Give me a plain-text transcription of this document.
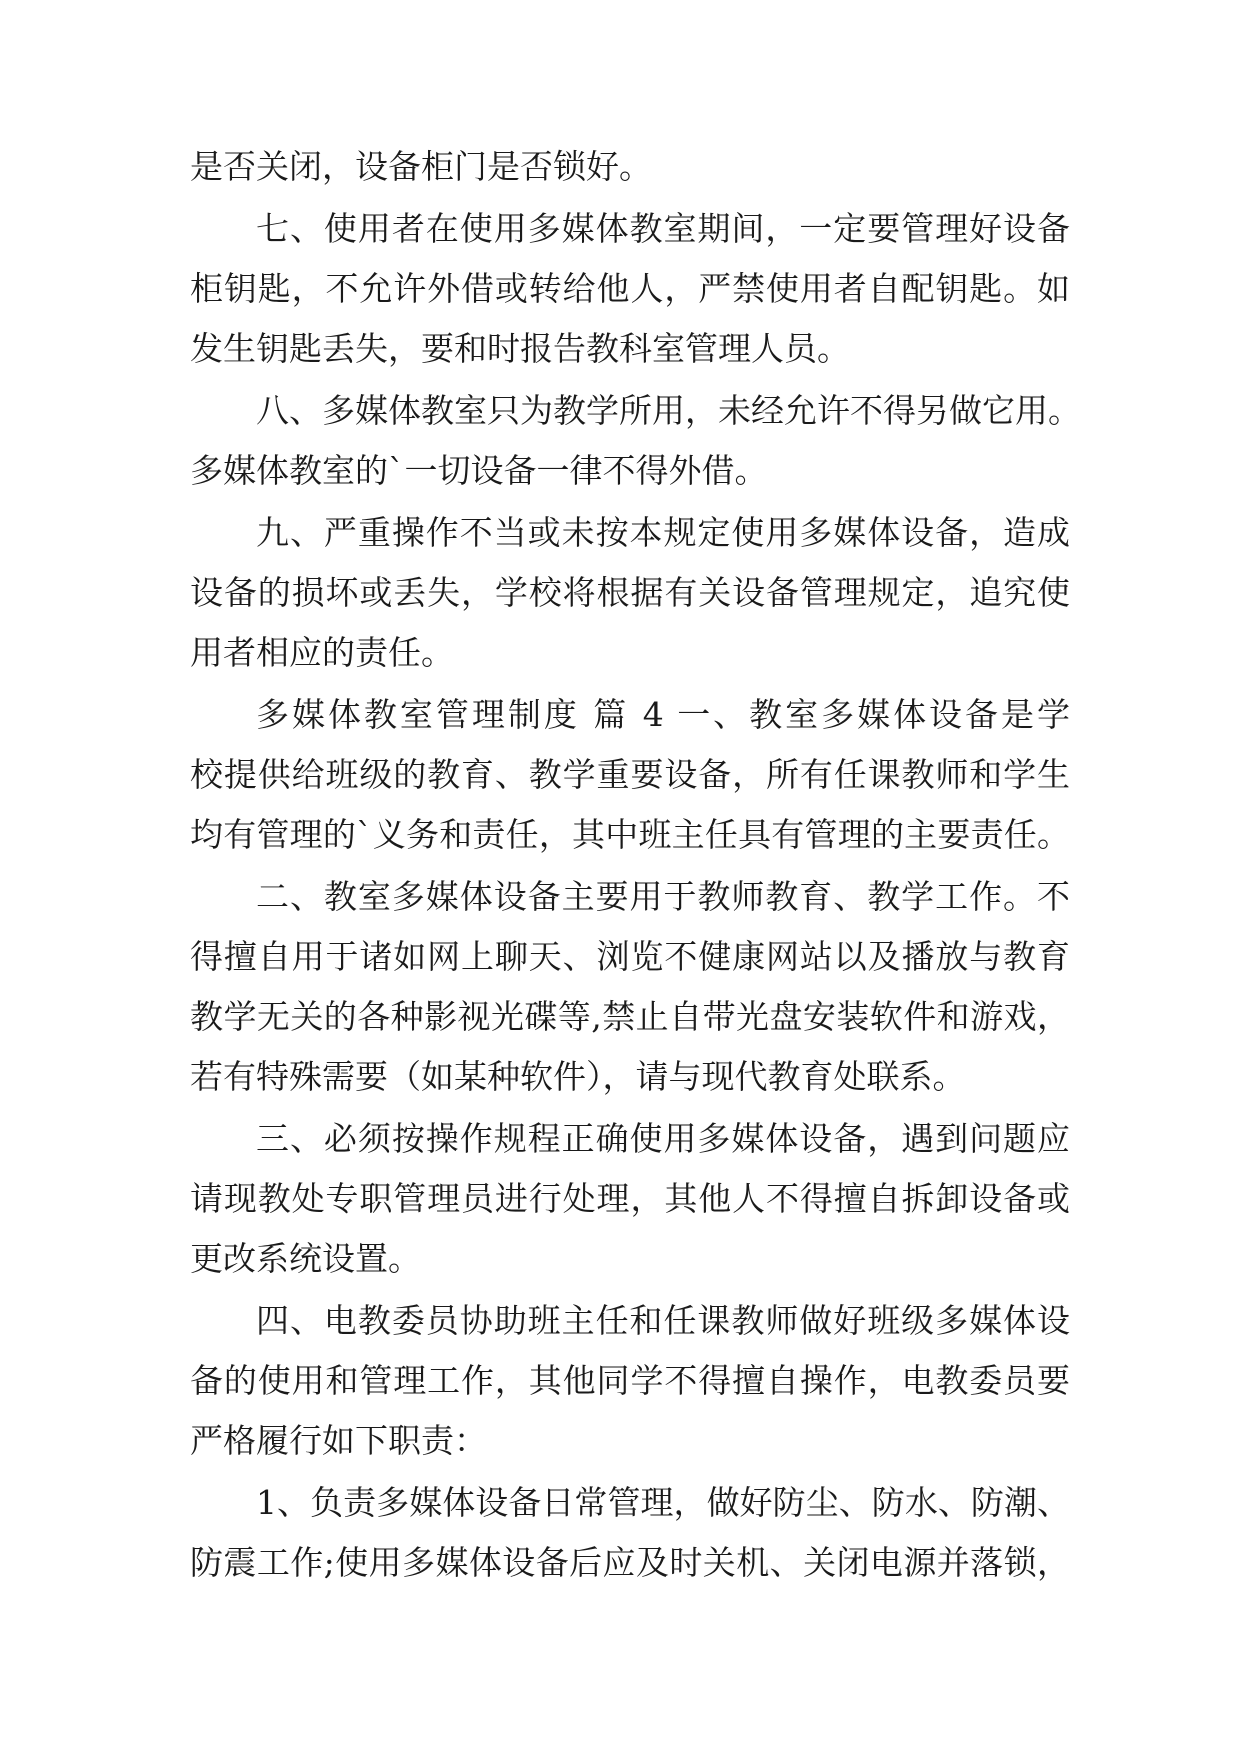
是否关闭，设备柜门是否锁好。
七、使用者在使用多媒体教室期间，一定要管理好设备
柜钥匙，不允许外借或转给他人，严禁使用者自配钥匙。如
发生钥匙丢失，要和时报告教科室管理人员。
八、多媒体教室只为教学所用，未经允许不得另做它用。
多媒体教室的`一切设备一律不得外借。
九、严重操作不当或未按本规定使用多媒体设备，造成
设备的损坏或丢失，学校将根据有关设备管理规定，追究使
用者相应的责任。
多媒体教室管理制度 篇 4 一、教室多媒体设备是学
校提供给班级的教育、教学重要设备，所有任课教师和学生
均有管理的`义务和责任，其中班主任具有管理的主要责任。
二、教室多媒体设备主要用于教师教育、教学工作。不
得擅自用于诸如网上聊天、浏览不健康网站以及播放与教育
教学无关的各种影视光碟等,禁止自带光盘安装软件和游戏，
若有特殊需要（如某种软件），请与现代教育处联系。
三、必须按操作规程正确使用多媒体设备，遇到问题应
请现教处专职管理员进行处理，其他人不得擅自拆卸设备或
更改系统设置。
四、电教委员协助班主任和任课教师做好班级多媒体设
备的使用和管理工作，其他同学不得擅自操作，电教委员要
严格履行如下职责：
1、负责多媒体设备日常管理，做好防尘、防水、防潮、
防震工作;使用多媒体设备后应及时关机、关闭电源并落锁，
